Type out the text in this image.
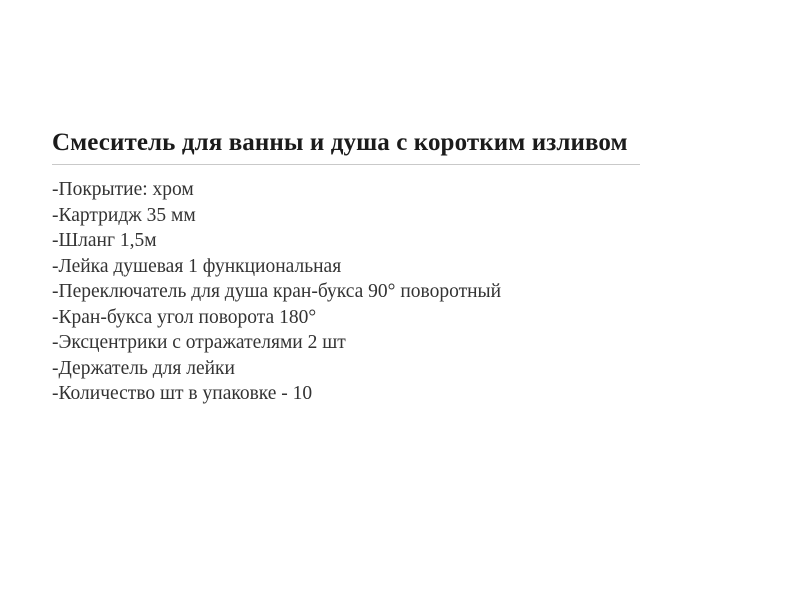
Смеситель для ванны и душа с коротким изливом
-Покрытие: хром
-Картридж 35 мм
-Шланг 1,5м
-Лейка душевая 1 функциональная
-Переключатель для душа кран-букса 90° поворотный
-Кран-букса угол поворота 180°
-Эксцентрики с отражателями 2 шт
-Держатель для лейки
-Количество шт в упаковке - 10
